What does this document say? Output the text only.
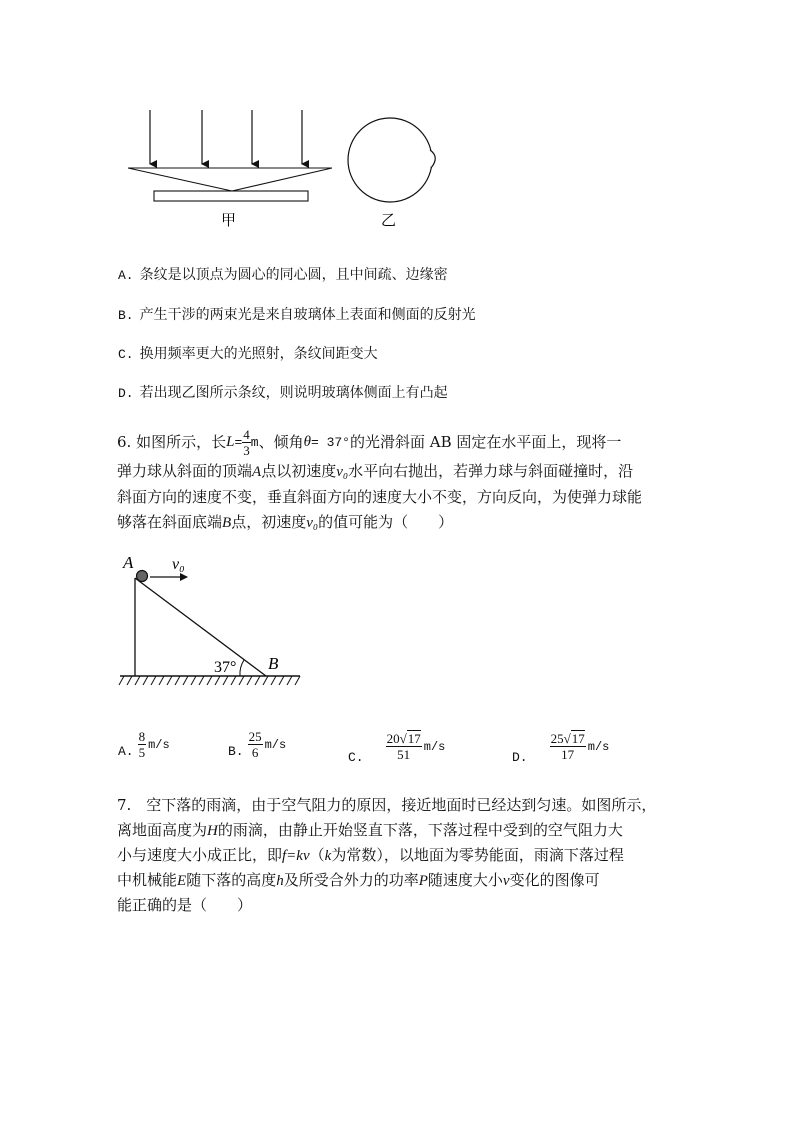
甲	乙
A. 条纹是以顶点为圆心的同心圆，且中间疏、边缘密
B. 产生干涉的两束光是来自玻璃体上表面和侧面的反射光
C. 换用频率更大的光照射，条纹间距变大
D. 若出现乙图所示条纹，则说明玻璃体侧面上有凸起
6.
如图所示，长 $L = \frac{4}{3}$ m 、倾角 θ = 37° 的光滑斜面 AB 固定在水平面上，现将一
弹力球从斜面的顶端A点以初速度v₀水平向右抛出，若弹力球与斜面碰撞时，沿
斜面方向的速度不变，垂直斜面方向的速度大小不变，方向反向，为使弹力球能
够落在斜面底端B点，初速度v₀的值可能为（　　）
A v₀
B
37°
A. $\frac{8}{5} m/s$	B. $\frac{25}{6} m/s$
C. $\frac{20√17}{51} m/s$
D. $\frac{25√17}{17} m/s$
7.　空下落的雨滴，由于空气阻力的原因，接近地面时已经达到匀速。如图所示，
离地面高度为H的雨滴，由静止开始竖直下落，下落过程中受到的空气阻力大
小与速度大小成正比，即f=kv（k为常数），以地面为零势能面，雨滴下落过程
中机械能E随下落的高度h及所受合外力的功率P随速度大小v变化的图像可
能正确的是（　　）
